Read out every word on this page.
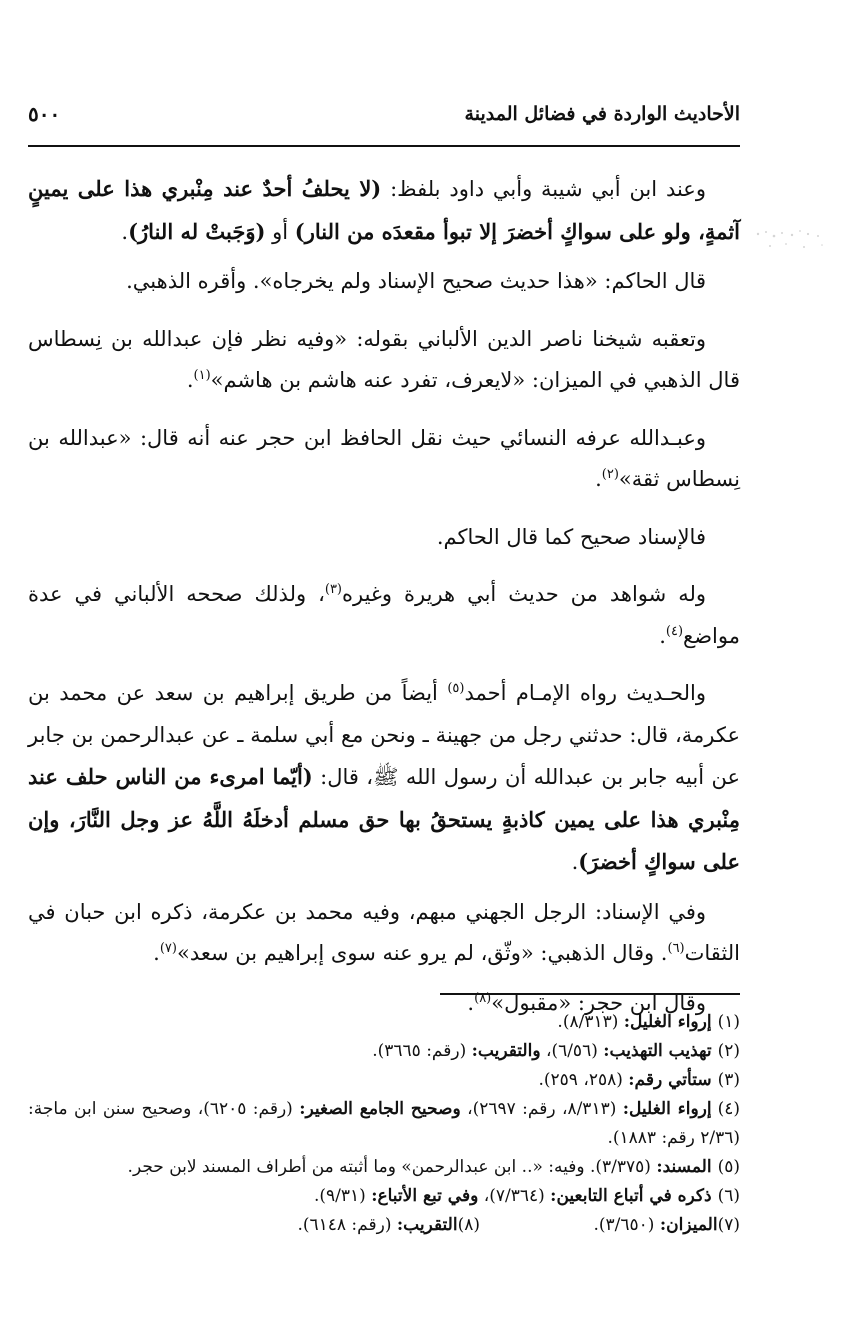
الأحاديث الواردة في فضائل المدينة
٥٠٠

وعند ابن أبي شيبة وأبي داود بلفظ: (لا يحلفُ أحدٌ عند مِنْبري هذا على يمينٍ آثمةٍ، ولو على سواكٍ أخضرَ إلا تبوأ مقعدَه من النار) أو (وَجَبتْ له النارُ).

قال الحاكم: «هذا حديث صحيح الإسناد ولم يخرجاه». وأقره الذهبي.

وتعقبه شيخنا ناصر الدين الألباني بقوله: «وفيه نظر فإن عبدالله بن نِسطاس قال الذهبي في الميزان: «لايعرف، تفرد عنه هاشم بن هاشم»$^{(١)}$.

وعبـدالله عرفه النسائي حيث نقل الحافظ ابن حجر عنه أنه قال: «عبدالله بن نِسطاس ثقة»$^{(٢)}$.

فالإسناد صحيح كما قال الحاكم.

وله شواهد من حديث أبي هريرة وغيره$^{(٣)}$، ولذلك صححه الألباني في عدة مواضع$^{(٤)}$.

والحـديث رواه الإمـام أحمد$^{(٥)}$ أيضاً من طريق إبراهيم بن سعد عن محمد بن عكرمة، قال: حدثني رجل من جهينة ـ ونحن مع أبي سلمة ـ عن عبدالرحمن بن جابر عن أبيه جابر بن عبدالله أن رسول الله ﷺ، قال: (أيّما امرىء من الناس حلف عند مِنْبري هذا على يمين كاذبةٍ يستحقُ بها حق مسلم أدخلَهُ اللَّهُ عز وجل النَّارَ، وإن على سواكٍ أخضرَ).

وفي الإسناد: الرجل الجهني مبهم، وفيه محمد بن عكرمة، ذكره ابن حبان في الثقات$^{(٦)}$. وقال الذهبي: «وثّق، لم يرو عنه سوى إبراهيم بن سعد»$^{(٧)}$.

وقال ابن حجر: «مقبول»$^{(٨)}$.

(١)إرواء الغليل: (٨/٣١٣).

(٢)تهذيب التهذيب: (٦/٥٦)، والتقريب: (رقم: ٣٦٦٥).

(٣)ستأتي رقم: (٢٥٨، ٢٥٩).

(٤)إرواء الغليل: (٨/٣١٣، رقم: ٢٦٩٧)، وصحيح الجامع الصغير: (رقم: ٦٢٠٥)، وصحيح سنن ابن ماجة: (٢/٣٦ رقم: ١٨٨٣).

(٥)المسند: (٣/٣٧٥). وفيه: «.. ابن عبدالرحمن» وما أثبته من أطراف المسند لابن حجر.

(٦)ذكره في أتباع التابعين: (٧/٣٦٤)، وفي تبع الأتباع: (٩/٣١).

(٧)الميزان: (٣/٦٥٠).
(٨)التقريب: (رقم: ٦١٤٨).
